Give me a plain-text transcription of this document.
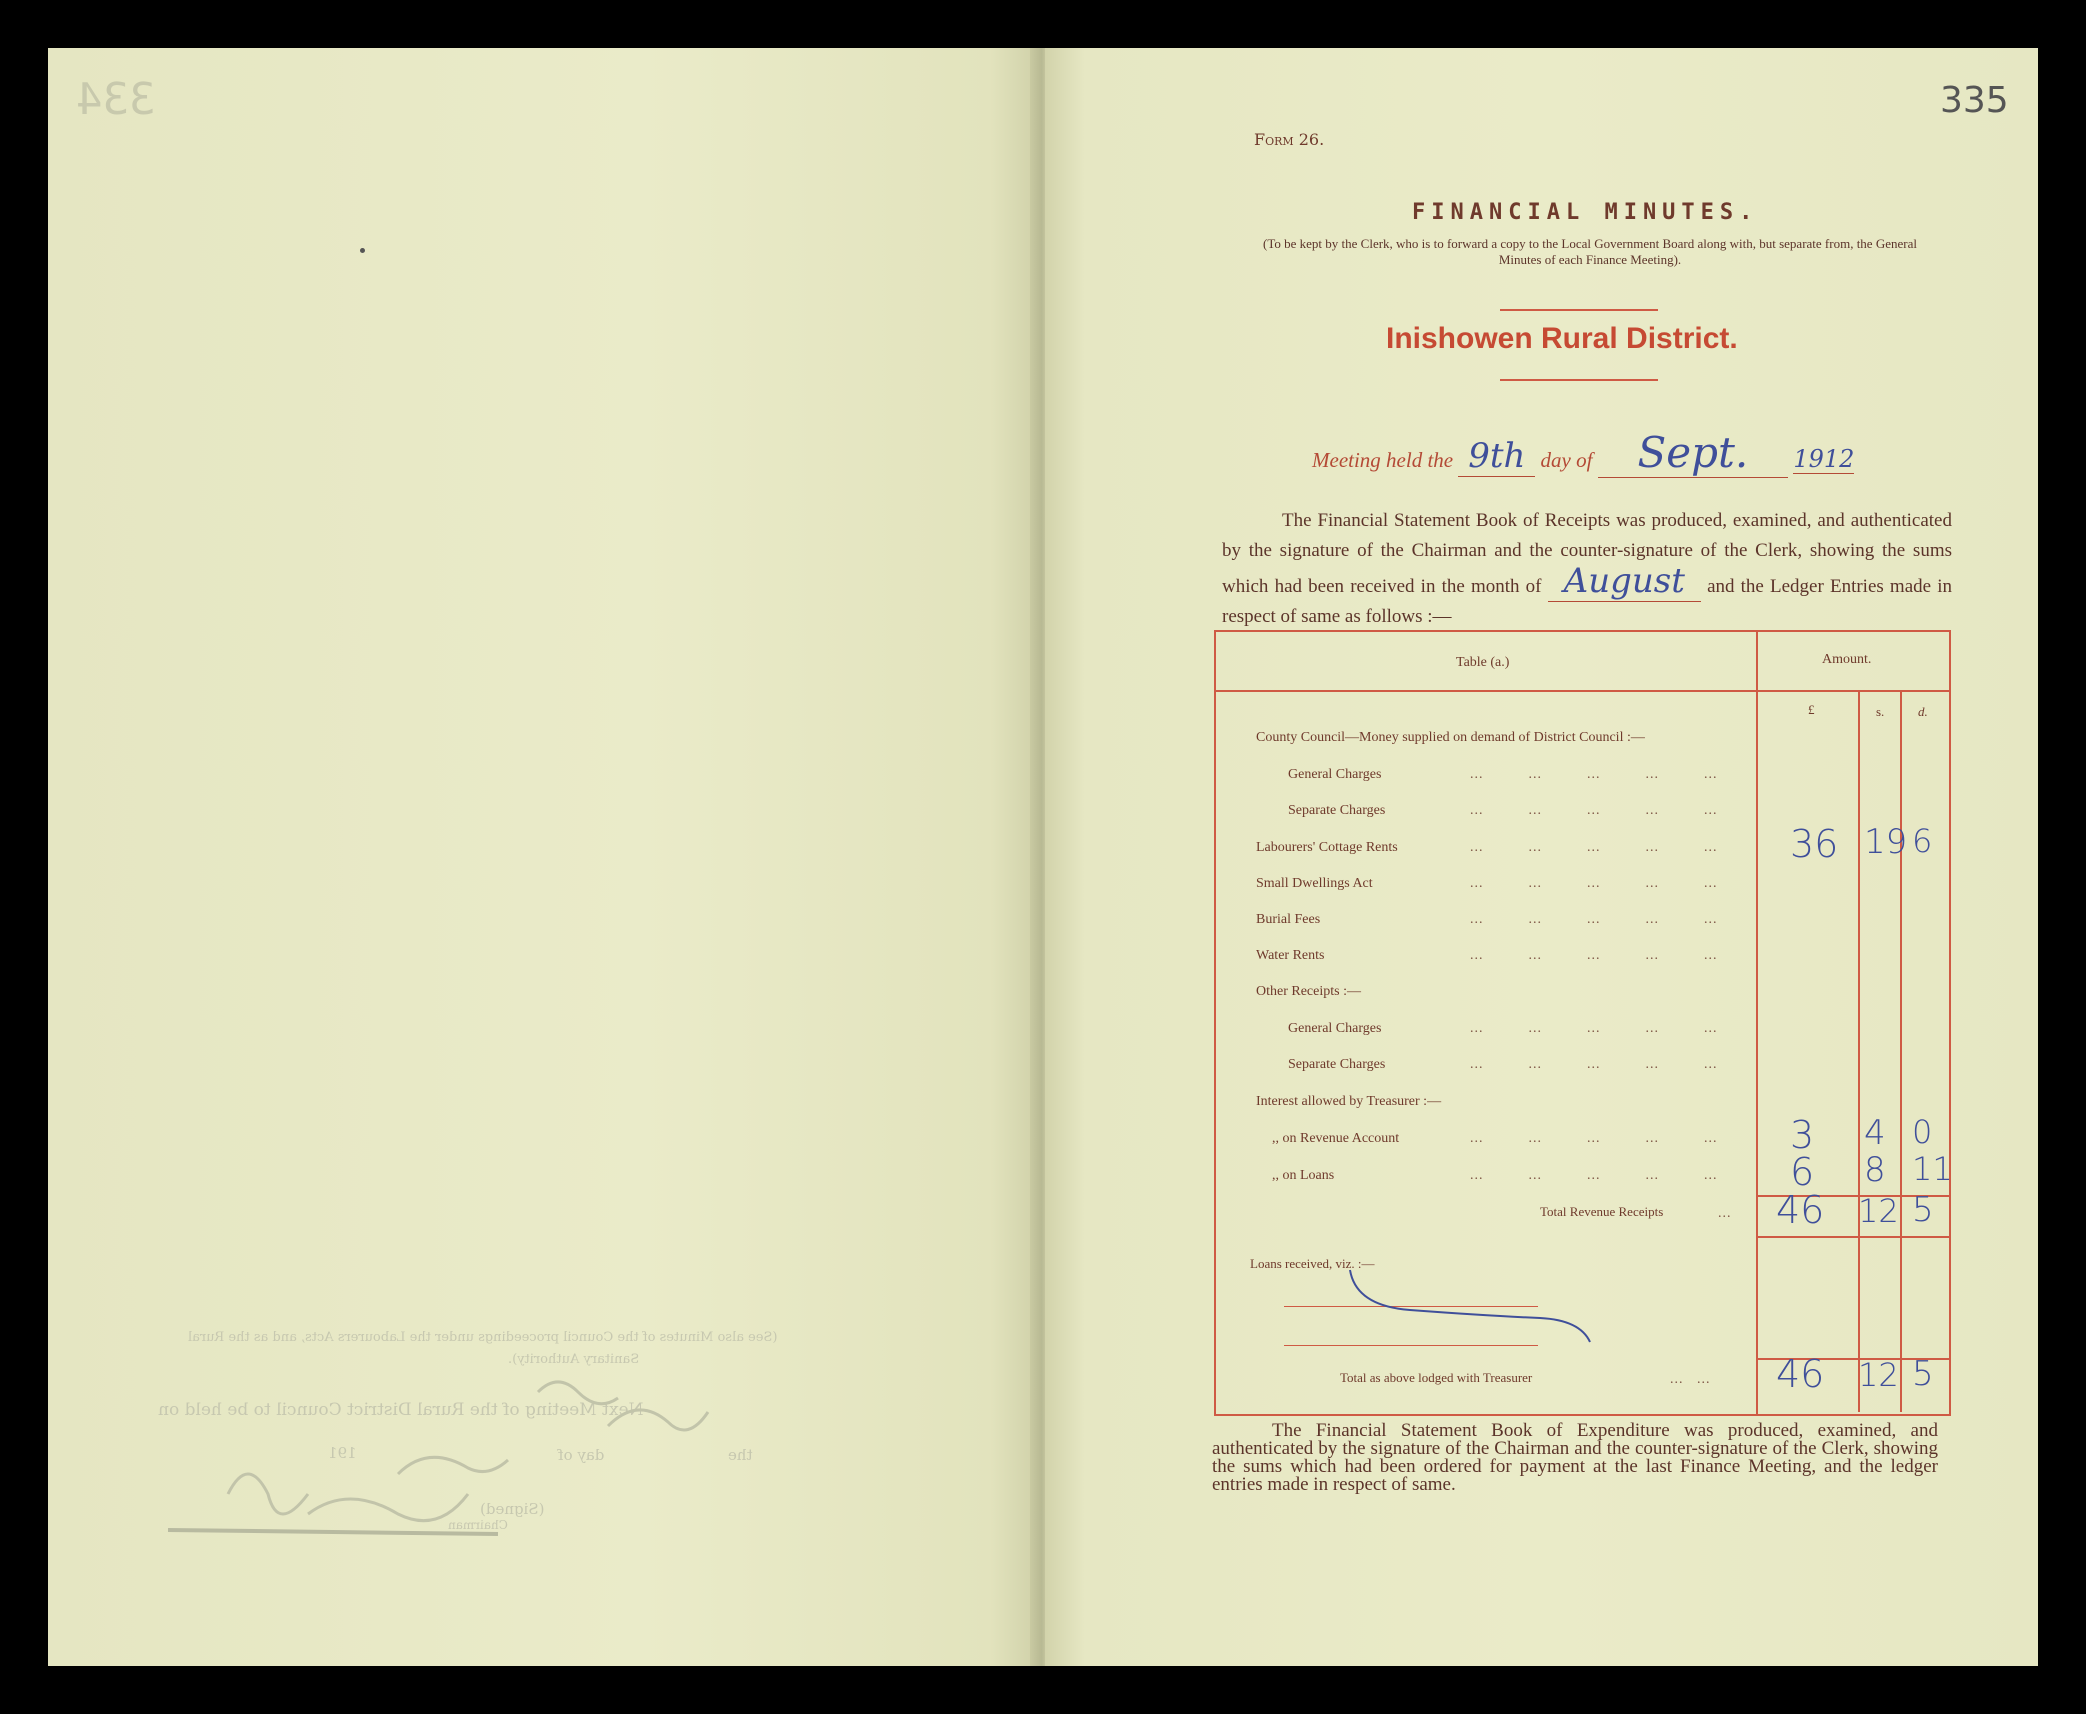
334
(See also Minutes of the Council proceedings under the Labourers Acts, and as the Rural
Sanitary Authority).
Next Meeting of the Rural District Council to be held on
the
day of
191
(Signed)
Chairman
335
Form 26.
FINANCIAL MINUTES.
(To be kept by the Clerk, who is to forward a copy to the Local Government Board along with, but separate from, the General Minutes of each Finance Meeting).
Inishowen Rural District.
Meeting held the 9th day of Sept. 1912
The Financial Statement Book of Receipts was produced, examined, and authenticated by the signature of the Chairman and the counter-signature of the Clerk, showing the sums which had been received in the month of August and the Ledger Entries made in respect of same as follows :—
Table (a.)	Amount.
£	s.	d.
County Council—Money supplied on demand of District Council :—
General Charges	...          ...          ...          ...          ...
Separate Charges	...          ...          ...          ...          ...
Labourers' Cottage Rents	...          ...          ...          ...          ... 36 19 6
Small Dwellings Act	...          ...          ...          ...          ...
Burial Fees	...          ...          ...          ...          ...
Water Rents	...          ...          ...          ...          ...
Other Receipts :—
General Charges	...          ...          ...          ...          ...
Separate Charges	...          ...          ...          ...          ...
Interest allowed by Treasurer :—
,, on Revenue Account	...          ...          ...          ...          ... 3 4 0
,, on Loans	...          ...          ...          ...          ... 6 8 11
Total Revenue Receipts	... 46 12 5
Loans received, viz. :—
Total as above lodged with Treasurer	...   ... 46 12 5
The Financial Statement Book of Expenditure was produced, examined, and authenticated by the signature of the Chairman and the counter-signature of the Clerk, showing the sums which had been ordered for payment at the last Finance Meeting, and the ledger entries made in respect of same.
